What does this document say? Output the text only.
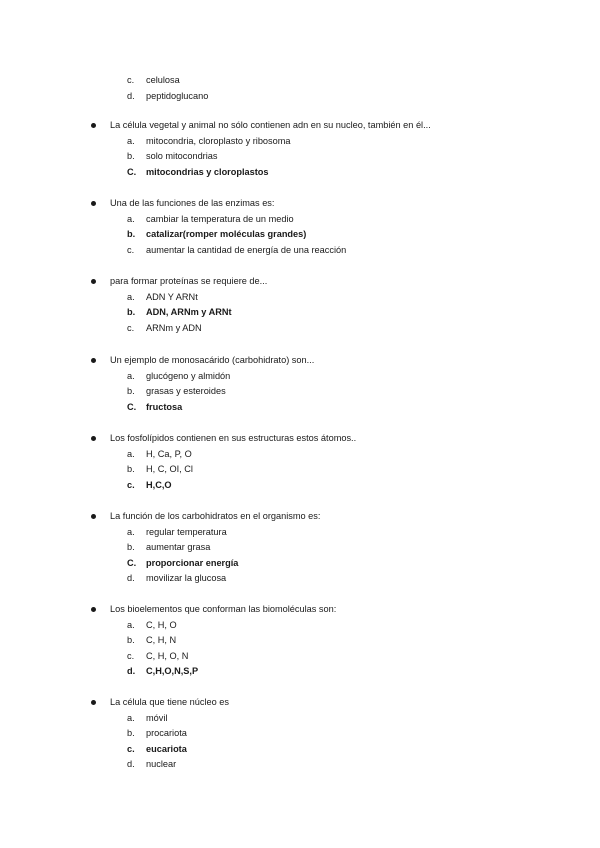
c. celulosa
d. peptidoglucano
La célula vegetal y animal no sólo contienen adn en su nucleo, también en él...
a. mitocondria, cloroplasto y ribosoma
b. solo mitocondrias
C. mitocondrias y cloroplastos
Una de las funciones de las enzimas es:
a. cambiar la temperatura de un medio
b. catalizar(romper moléculas grandes)
c. aumentar la cantidad de energía de una reacción
para formar proteínas se requiere de...
a. ADN Y ARNt
b. ADN, ARNm y ARNt
c. ARNm y ADN
Un ejemplo de monosacárido (carbohidrato) son...
a. glucógeno y almidón
b. grasas y esteroides
C. fructosa
Los fosfolípidos contienen en sus estructuras estos átomos..
a. H, Ca, P, O
b. H, C, OI, Cl
c. H,C,O
La función de los carbohidratos en el organismo es:
a. regular temperatura
b. aumentar grasa
C. proporcionar energía
d. movilizar la glucosa
Los bioelementos que conforman las biomoléculas son:
a. C, H, O
b. C, H, N
c. C, H, O, N
d. C,H,O,N,S,P
La célula que tiene núcleo es
a. móvil
b. procariota
c. eucariota
d. nuclear
